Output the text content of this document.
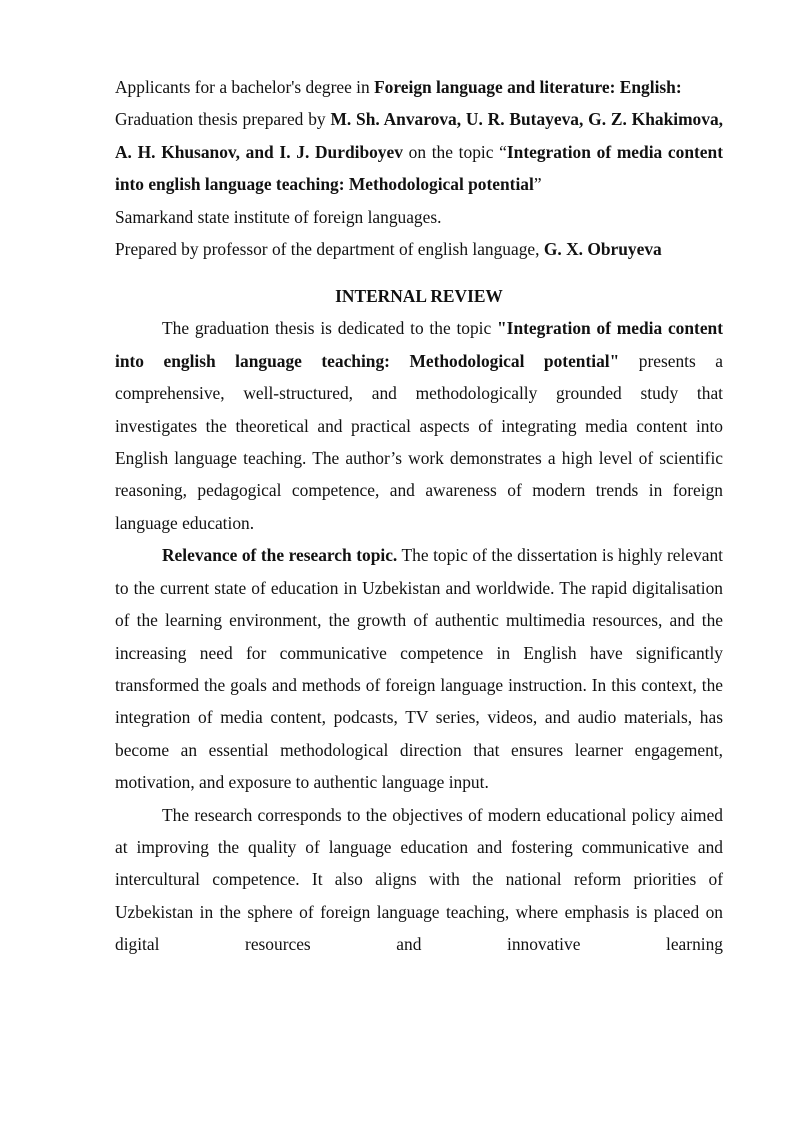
Applicants for a bachelor's degree in Foreign language and literature: English:

Graduation thesis prepared by M. Sh. Anvarova, U. R. Butayeva, G. Z. Khakimova, A. H. Khusanov, and I. J. Durdiboyev on the topic “Integration of media content into english language teaching: Methodological potential”

Samarkand state institute of foreign languages.

Prepared by professor of the department of english language, G. X. Obruyeva

INTERNAL REVIEW

The graduation thesis is dedicated to the topic "Integration of media content into english language teaching: Methodological potential" presents a comprehensive, well-structured, and methodologically grounded study that investigates the theoretical and practical aspects of integrating media content into English language teaching. The author’s work demonstrates a high level of scientific reasoning, pedagogical competence, and awareness of modern trends in foreign language education.

Relevance of the research topic. The topic of the dissertation is highly relevant to the current state of education in Uzbekistan and worldwide. The rapid digitalisation of the learning environment, the growth of authentic multimedia resources, and the increasing need for communicative competence in English have significantly transformed the goals and methods of foreign language instruction. In this context, the integration of media content, podcasts, TV series, videos, and audio materials, has become an essential methodological direction that ensures learner engagement, motivation, and exposure to authentic language input.

The research corresponds to the objectives of modern educational policy aimed at improving the quality of language education and fostering communicative and intercultural competence. It also aligns with the national reform priorities of Uzbekistan in the sphere of foreign language teaching, where emphasis is placed on digital resources and innovative learning
